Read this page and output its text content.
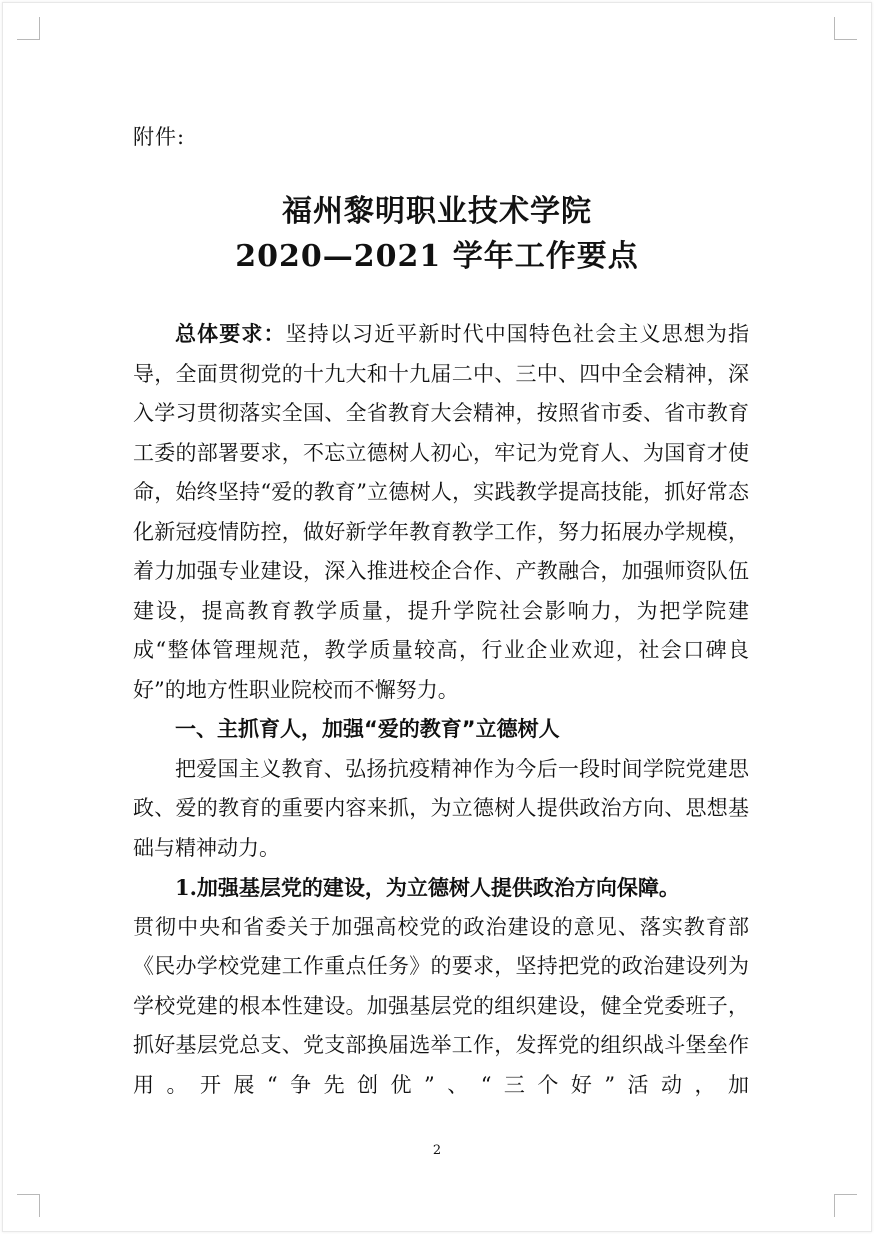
附件:
福州黎明职业技术学院
2020—2021 学年工作要点

总体要求：坚持以习近平新时代中国特色社会主义思想为指导，全面贯彻党的十九大和十九届二中、三中、四中全会精神，深入学习贯彻落实全国、全省教育大会精神，按照省市委、省市教育工委的部署要求，不忘立德树人初心，牢记为党育人、为国育才使命，始终坚持“爱的教育”立德树人，实践教学提高技能，抓好常态化新冠疫情防控，做好新学年教育教学工作，努力拓展办学规模，着力加强专业建设，深入推进校企合作、产教融合，加强师资队伍建设，提高教育教学质量，提升学院社会影响力，为把学院建成“整体管理规范，教学质量较高，行业企业欢迎，社会口碑良好”的地方性职业院校而不懈努力。

一、主抓育人，加强“爱的教育”立德树人

把爱国主义教育、弘扬抗疫精神作为今后一段时间学院党建思政、爱的教育的重要内容来抓，为立德树人提供政治方向、思想基础与精神动力。

1.加强基层党的建设，为立德树人提供政治方向保障。

贯彻中央和省委关于加强高校党的政治建设的意见、落实教育部《民办学校党建工作重点任务》的要求，坚持把党的政治建设列为学校党建的根本性建设。加强基层党的组织建设，健全党委班子，抓好基层党总支、党支部换届选举工作，发挥党的组织战斗堡垒作用。开展“争先创优”、“三个好”活动，加

2
